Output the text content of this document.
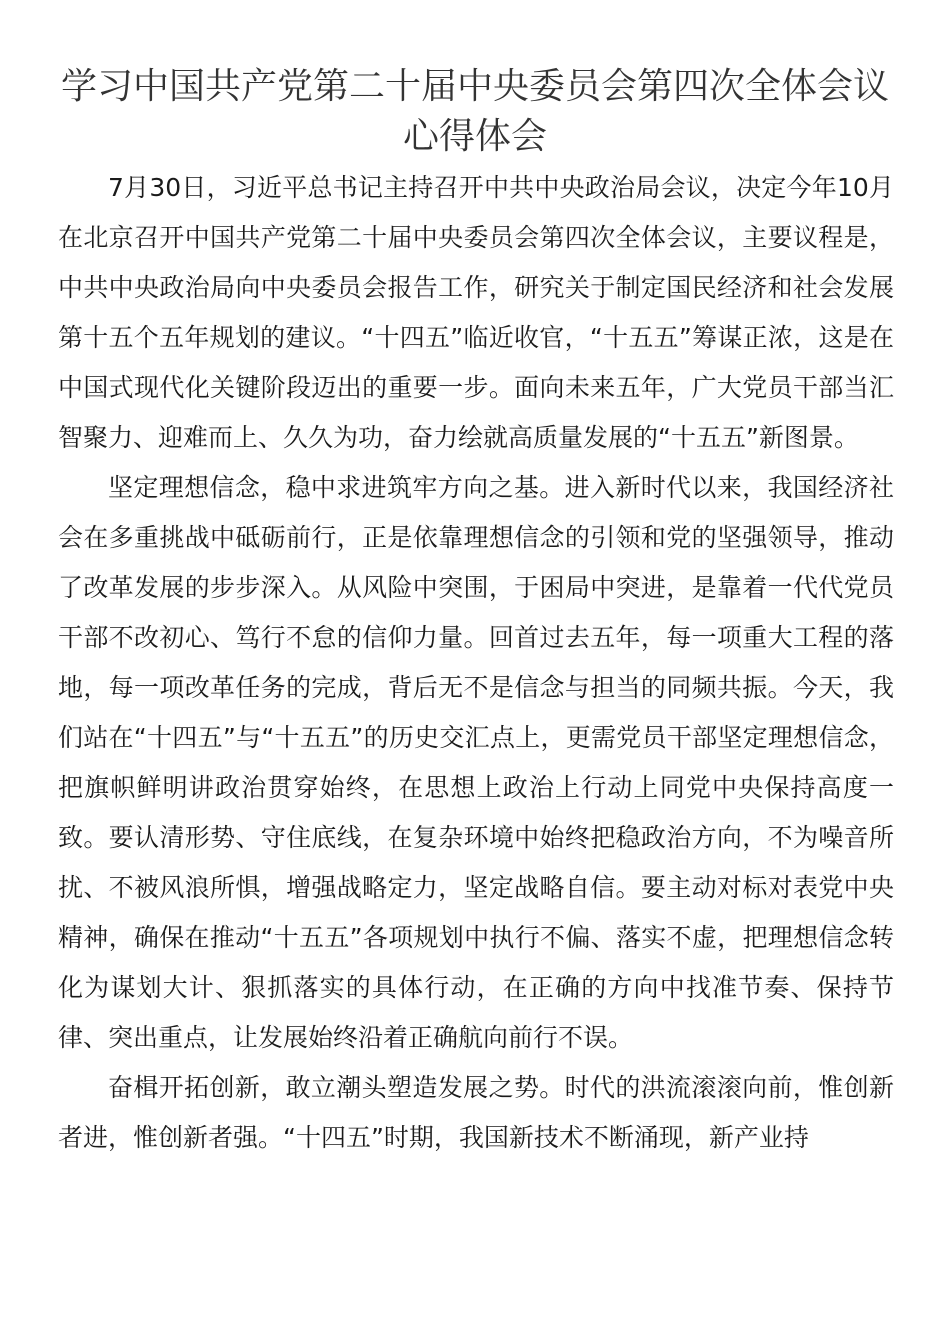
学习中国共产党第二十届中央委员会第四次全体会议
心得体会

7月30日，习近平总书记主持召开中共中央政治局会议，决定今年10月在北京召开中国共产党第二十届中央委员会第四次全体会议，主要议程是，中共中央政治局向中央委员会报告工作，研究关于制定国民经济和社会发展第十五个五年规划的建议。“十四五”临近收官，“十五五”筹谋正浓，这是在中国式现代化关键阶段迈出的重要一步。面向未来五年，广大党员干部当汇智聚力、迎难而上、久久为功，奋力绘就高质量发展的“十五五”新图景。

坚定理想信念，稳中求进筑牢方向之基。进入新时代以来，我国经济社会在多重挑战中砥砺前行，正是依靠理想信念的引领和党的坚强领导，推动了改革发展的步步深入。从风险中突围，于困局中突进，是靠着一代代党员干部不改初心、笃行不怠的信仰力量。回首过去五年，每一项重大工程的落地，每一项改革任务的完成，背后无不是信念与担当的同频共振。今天，我们站在“十四五”与“十五五”的历史交汇点上，更需党员干部坚定理想信念，把旗帜鲜明讲政治贯穿始终，在思想上政治上行动上同党中央保持高度一致。要认清形势、守住底线，在复杂环境中始终把稳政治方向，不为噪音所扰、不被风浪所惧，增强战略定力，坚定战略自信。要主动对标对表党中央精神，确保在推动“十五五”各项规划中执行不偏、落实不虚，把理想信念转化为谋划大计、狠抓落实的具体行动，在正确的方向中找准节奏、保持节律、突出重点，让发展始终沿着正确航向前行不误。

奋楫开拓创新，敢立潮头塑造发展之势。时代的洪流滚滚向前，惟创新者进，惟创新者强。“十四五”时期，我国新技术不断涌现，新产业持
